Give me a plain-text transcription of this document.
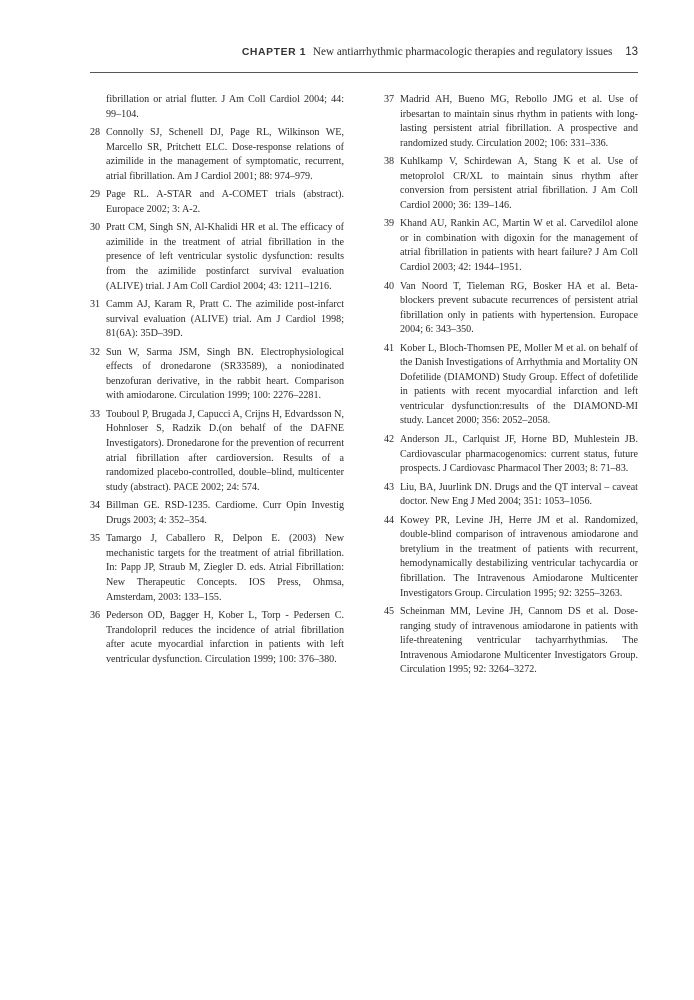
CHAPTER 1 New antiarrhythmic pharmacologic therapies and regulatory issues 13
fibrillation or atrial flutter. J Am Coll Cardiol 2004; 44: 99–104.
28 Connolly SJ, Schenell DJ, Page RL, Wilkinson WE, Marcello SR, Pritchett ELC. Dose-response relations of azimilide in the management of symptomatic, recurrent, atrial fibrillation. Am J Cardiol 2001; 88: 974–979.
29 Page RL. A-STAR and A-COMET trials (abstract). Europace 2002; 3: A-2.
30 Pratt CM, Singh SN, Al-Khalidi HR et al. The efficacy of azimilide in the treatment of atrial fibrillation in the presence of left ventricular systolic dysfunction: results from the azimilide postinfarct survival evaluation (ALIVE) trial. J Am Coll Cardiol 2004; 43: 1211–1216.
31 Camm AJ, Karam R, Pratt C. The azimilide post-infarct survival evaluation (ALIVE) trial. Am J Cardiol 1998; 81(6A): 35D–39D.
32 Sun W, Sarma JSM, Singh BN. Electrophysiological effects of dronedarone (SR33589), a noniodinated benzofuran derivative, in the rabbit heart. Comparison with amiodarone. Circulation 1999; 100: 2276–2281.
33 Touboul P, Brugada J, Capucci A, Crijns H, Edvardsson N, Hohnloser S, Radzik D.(on behalf of the DAFNE Investigators). Dronedarone for the prevention of recurrent atrial fibrillation after cardioversion. Results of a randomized placebo-controlled, double–blind, multicenter study (abstract). PACE 2002; 24: 574.
34 Billman GE. RSD-1235. Cardiome. Curr Opin Investig Drugs 2003; 4: 352–354.
35 Tamargo J, Caballero R, Delpon E. (2003) New mechanistic targets for the treatment of atrial fibrillation. In: Papp JP, Straub M, Ziegler D. eds. Atrial Fibrillation: New Therapeutic Concepts. IOS Press, Ohmsa, Amsterdam, 2003: 133–155.
36 Pederson OD, Bagger H, Kober L, Torp - Pedersen C. Trandolopril reduces the incidence of atrial fibrillation after acute myocardial infarction in patients with left ventricular dysfunction. Circulation 1999; 100: 376–380.
37 Madrid AH, Bueno MG, Rebollo JMG et al. Use of irbesartan to maintain sinus rhythm in patients with long-lasting persistent atrial fibrillation. A prospective and randomized study. Circulation 2002; 106: 331–336.
38 Kuhlkamp V, Schirdewan A, Stang K et al. Use of metoprolol CR/XL to maintain sinus rhythm after conversion from persistent atrial fibrillation. J Am Coll Cardiol 2000; 36: 139–146.
39 Khand AU, Rankin AC, Martin W et al. Carvedilol alone or in combination with digoxin for the management of atrial fibrillation in patients with heart failure? J Am Coll Cardiol 2003; 42: 1944–1951.
40 Van Noord T, Tieleman RG, Bosker HA et al. Beta-blockers prevent subacute recurrences of persistent atrial fibrillation only in patients with hypertension. Europace 2004; 6: 343–350.
41 Kober L, Bloch-Thomsen PE, Moller M et al. on behalf of the Danish Investigations of Arrhythmia and Mortality ON Dofetilide (DIAMOND) Study Group. Effect of dofetilide in patients with recent myocardial infarction and left ventricular dysfunction:results of the DIAMOND-MI study. Lancet 2000; 356: 2052–2058.
42 Anderson JL, Carlquist JF, Horne BD, Muhlestein JB. Cardiovascular pharmacogenomics: current status, future prospects. J Cardiovasc Pharmacol Ther 2003; 8: 71–83.
43 Liu, BA, Juurlink DN. Drugs and the QT interval – caveat doctor. New Eng J Med 2004; 351: 1053–1056.
44 Kowey PR, Levine JH, Herre JM et al. Randomized, double-blind comparison of intravenous amiodarone and bretylium in the treatment of patients with recurrent, hemodynamically destabilizing ventricular tachycardia or fibrillation. The Intravenous Amiodarone Multicenter Investigators Group. Circulation 1995; 92: 3255–3263.
45 Scheinman MM, Levine JH, Cannom DS et al. Dose-ranging study of intravenous amiodarone in patients with life-threatening ventricular tachyarrhythmias. The Intravenous Amiodarone Multicenter Investigators Group. Circulation 1995; 92: 3264–3272.
